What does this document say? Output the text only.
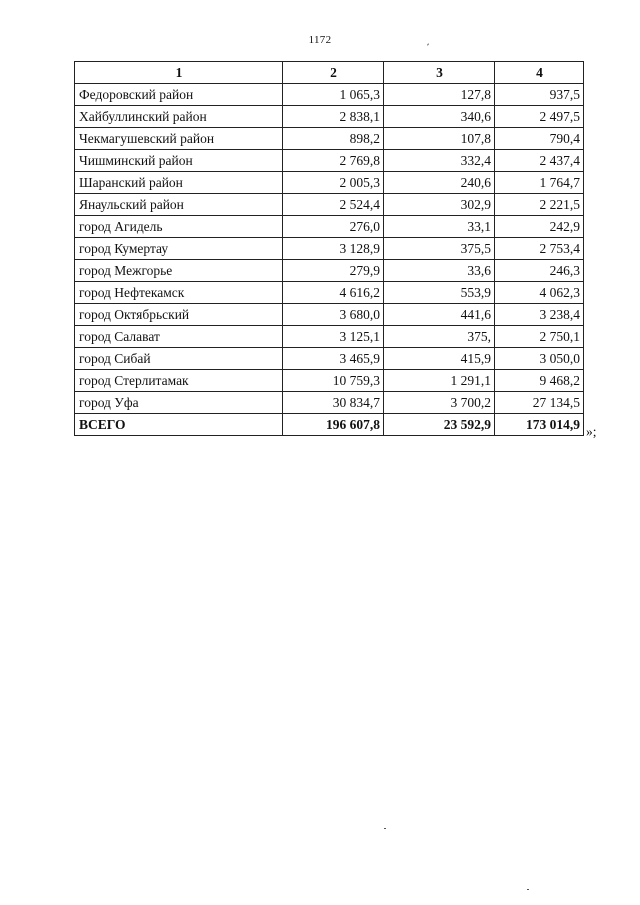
1172
1	2	3	4
Федоровский район	1 065,3	127,8	937,5
Хайбуллинский район	2 838,1	340,6	2 497,5
Чекмагушевский район	898,2	107,8	790,4
Чишминский район	2 769,8	332,4	2 437,4
Шаранский район	2 005,3	240,6	1 764,7
Янаульский район	2 524,4	302,9	2 221,5
город Агидель	276,0	33,1	242,9
город Кумертау	3 128,9	375,5	2 753,4
город Межгорье	279,9	33,6	246,3
город Нефтекамск	4 616,2	553,9	4 062,3
город Октябрьский	3 680,0	441,6	3 238,4
город Салават	3 125,1	375,	2 750,1
город Сибай	3 465,9	415,9	3 050,0
город Стерлитамак	10 759,3	1 291,1	9 468,2
город Уфа	30 834,7	3 700,2	27 134,5
ВСЕГО	196 607,8	23 592,9	173 014,9 »;
